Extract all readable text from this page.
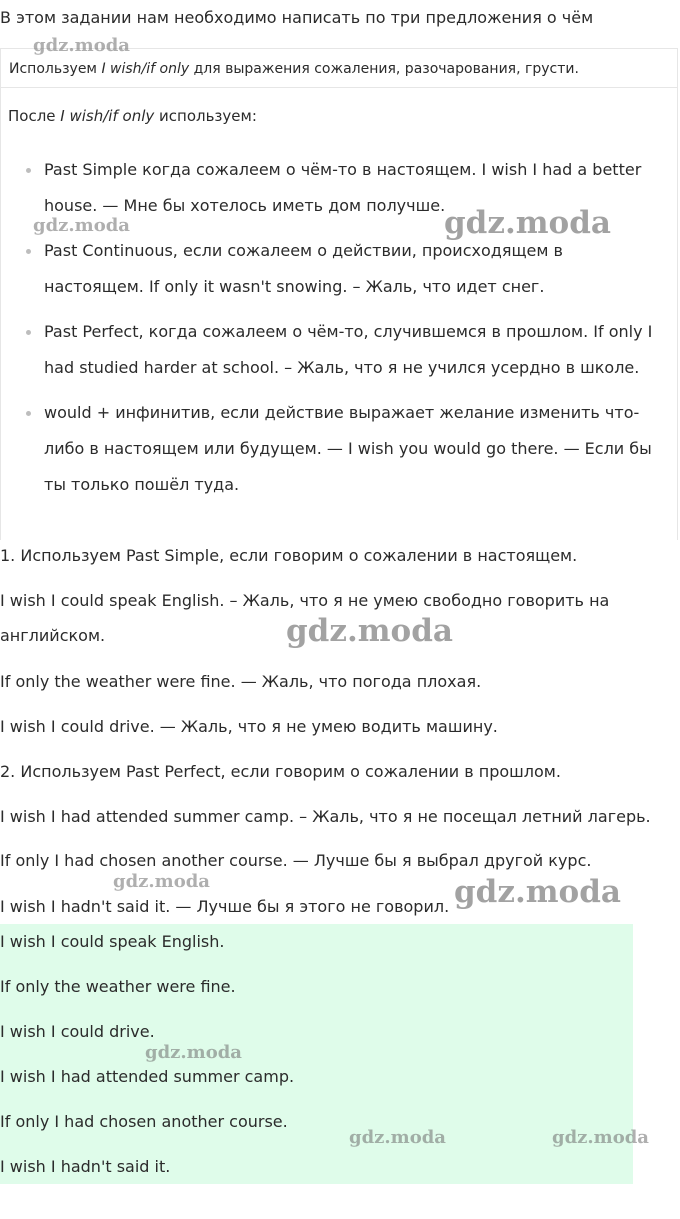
В этом задании нам необходимо написать по три предложения о чём
Используем I wish/if only для выражения сожаления, разочарования, грусти.
После I wish/if only используем:
Past Simple когда сожалеем о чём-то в настоящем. I wish I had a better house. — Мне бы хотелось иметь дом получше.
Past Continuous, если сожалеем о действии, происходящем в настоящем. If only it wasn't snowing. – Жаль, что идет снег.
Past Perfect, когда сожалеем о чём-то, случившемся в прошлом. If only I had studied harder at school. – Жаль, что я не учился усердно в школе.
would + инфинитив, если действие выражает желание изменить что-либо в настоящем или будущем. — I wish you would go there. — Если бы ты только пошёл туда.
1. Используем Past Simple, если говорим о сожалении в настоящем.
I wish I could speak English. – Жаль, что я не умею свободно говорить на
английском.
If only the weather were fine. — Жаль, что погода плохая.
I wish I could drive. — Жаль, что я не умею водить машину.
2. Используем Past Perfect, если говорим о сожалении в прошлом.
I wish I had attended summer camp. – Жаль, что я не посещал летний лагерь.
If only I had chosen another course. — Лучше бы я выбрал другой курс.
I wish I hadn't said it. — Лучше бы я этого не говорил.
I wish I could speak English.
If only the weather were fine.
I wish I could drive.
I wish I had attended summer camp.
If only I had chosen another course.
I wish I hadn't said it.
gdz.moda
gdz.moda	gdz.moda
gdz.moda
gdz.moda	gdz.moda
gdz.moda
gdz.moda	gdz.moda
